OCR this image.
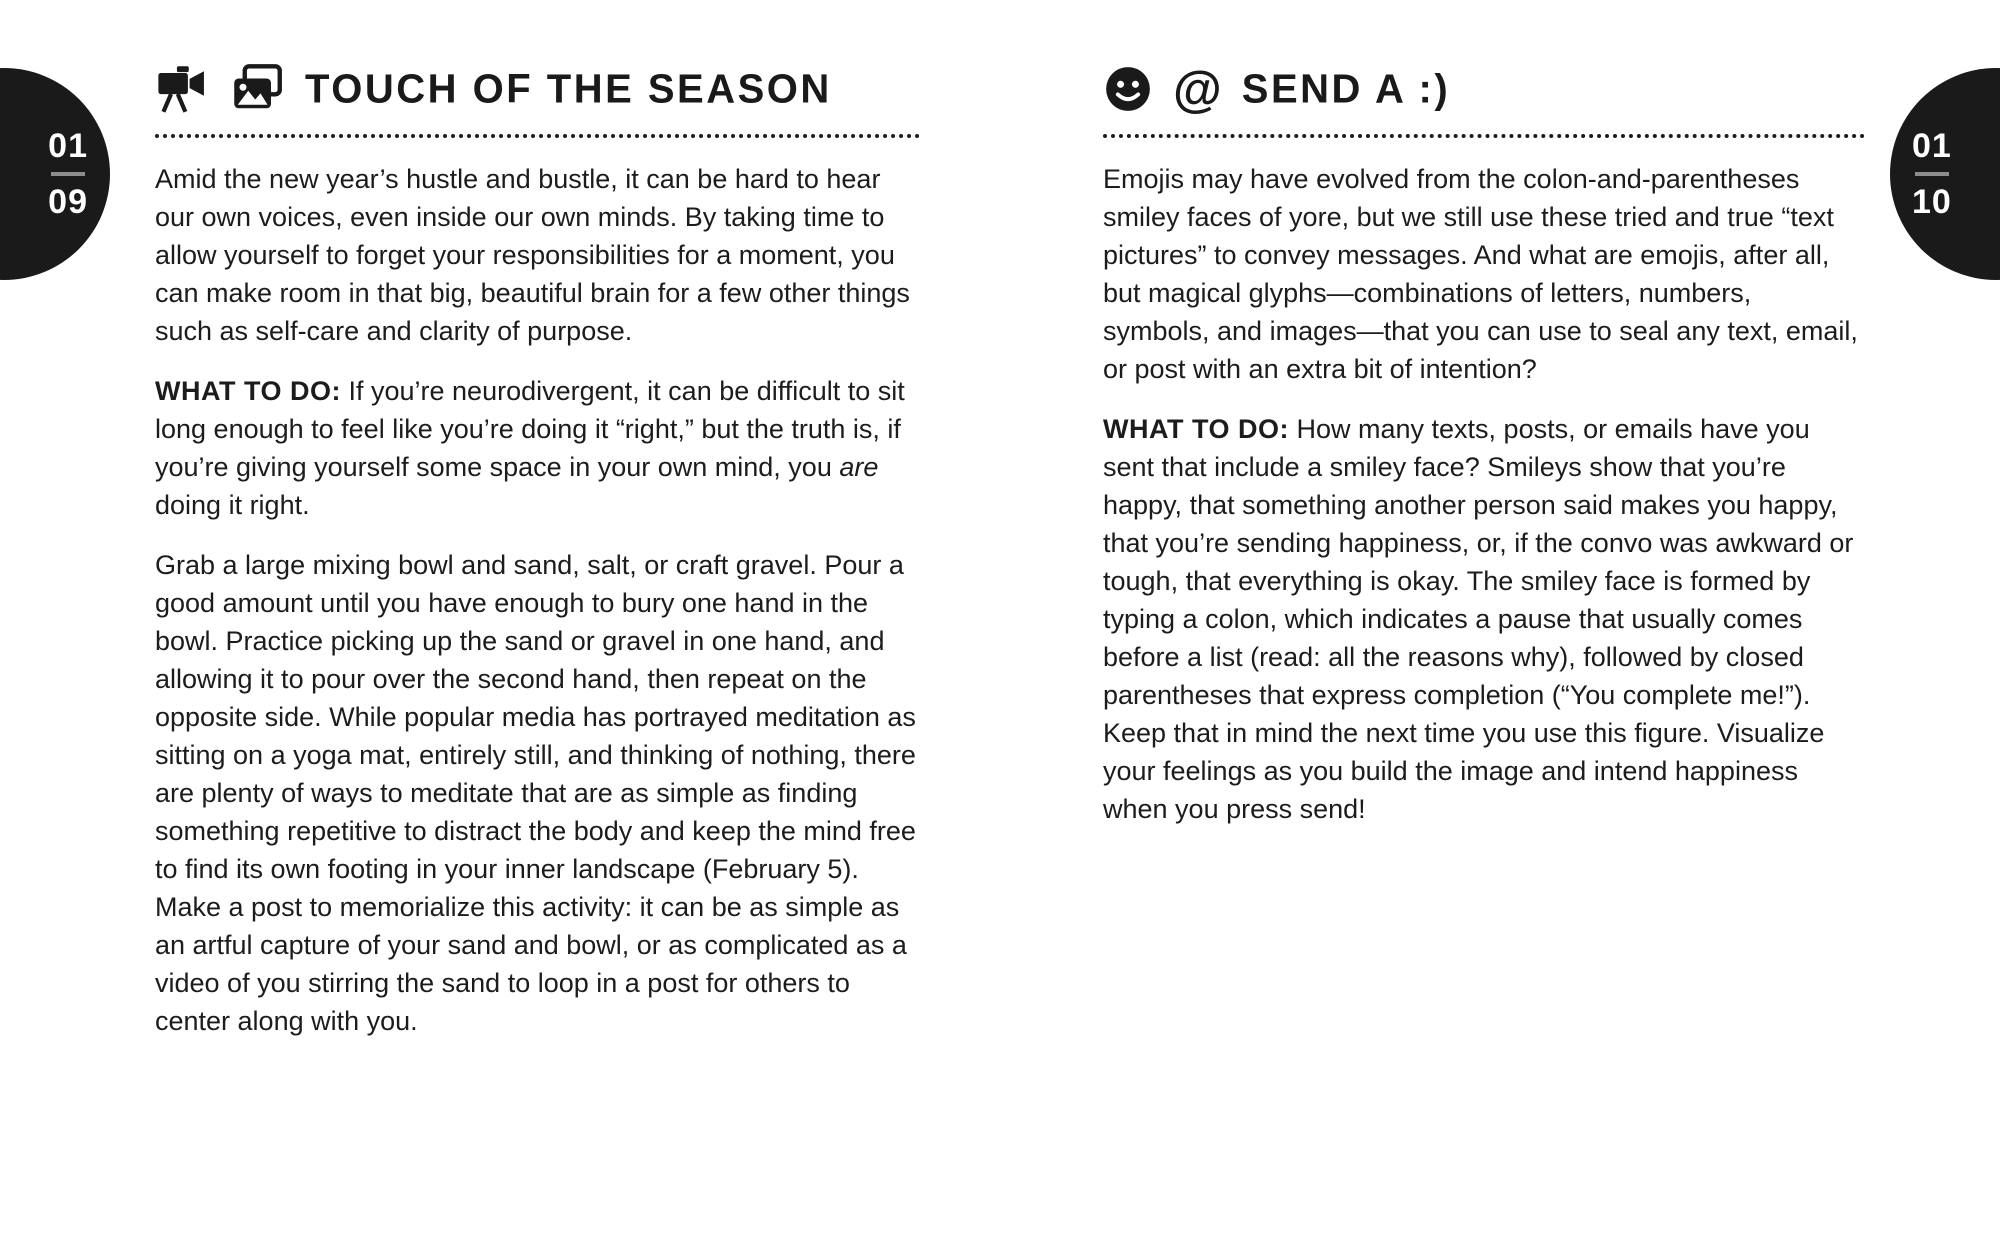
01
09
01
10
TOUCH OF THE SEASON

Amid the new year’s hustle and bustle, it can be hard to hear our own voices, even inside our own minds. By taking time to allow yourself to forget your responsibilities for a moment, you can make room in that big, beautiful brain for a few other things such as self-care and clarity of purpose.

WHAT TO DO: If you’re neurodivergent, it can be difficult to sit long enough to feel like you’re doing it “right,” but the truth is, if you’re giving yourself some space in your own mind, you are doing it right.

Grab a large mixing bowl and sand, salt, or craft gravel. Pour a good amount until you have enough to bury one hand in the bowl. Practice picking up the sand or gravel in one hand, and allowing it to pour over the second hand, then repeat on the opposite side. While popular media has portrayed meditation as sitting on a yoga mat, entirely still, and thinking of nothing, there are plenty of ways to meditate that are as simple as finding something repetitive to distract the body and keep the mind free to find its own footing in your inner landscape (February 5). Make a post to memorialize this activity: it can be as simple as an artful capture of your sand and bowl, or as complicated as a video of you stirring the sand to loop in a post for others to center along with you.

@ SEND A :)

Emojis may have evolved from the colon-and-parentheses smiley faces of yore, but we still use these tried and true “text pictures” to convey messages. And what are emojis, after all, but magical glyphs—combinations of letters, numbers, symbols, and images—that you can use to seal any text, email, or post with an extra bit of intention?

WHAT TO DO: How many texts, posts, or emails have you sent that include a smiley face? Smileys show that you’re happy, that something another person said makes you happy, that you’re sending happiness, or, if the convo was awkward or tough, that everything is okay. The smiley face is formed by typing a colon, which indicates a pause that usually comes before a list (read: all the reasons why), followed by closed parentheses that express completion (“You complete me!”). Keep that in mind the next time you use this figure. Visualize your feelings as you build the image and intend happiness when you press send!
